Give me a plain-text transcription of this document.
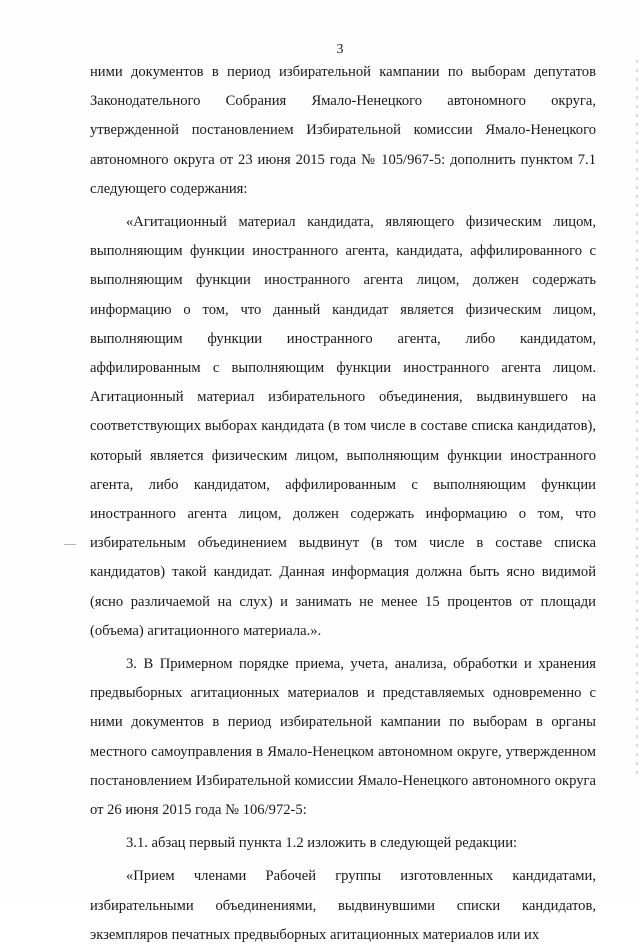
3

ними документов в период избирательной кампании по выборам депутатов Законодательного Собрания Ямало-Ненецкого автономного округа, утвержденной постановлением Избирательной комиссии Ямало-Ненецкого автономного округа от 23 июня 2015 года № 105/967-5: дополнить пунктом 7.1 следующего содержания:

«Агитационный материал кандидата, являющего физическим лицом, выполняющим функции иностранного агента, кандидата, аффилированного с выполняющим функции иностранного агента лицом, должен содержать информацию о том, что данный кандидат является физическим лицом, выполняющим функции иностранного агента, либо кандидатом, аффилированным с выполняющим функции иностранного агента лицом. Агитационный материал избирательного объединения, выдвинувшего на соответствующих выборах кандидата (в том числе в составе списка кандидатов), который является физическим лицом, выполняющим функции иностранного агента, либо кандидатом, аффилированным с выполняющим функции иностранного агента лицом, должен содержать информацию о том, что избирательным объединением выдвинут (в том числе в составе списка кандидатов) такой кандидат. Данная информация должна быть ясно видимой (ясно различаемой на слух) и занимать не менее 15 процентов от площади (объема) агитационного материала.».

3. В Примерном порядке приема, учета, анализа, обработки и хранения предвыборных агитационных материалов и представляемых одновременно с ними документов в период избирательной кампании по выборам в органы местного самоуправления в Ямало-Ненецком автономном округе, утвержденном постановлением Избирательной комиссии Ямало-Ненецкого автономного округа от 26 июня 2015 года № 106/972-5:

3.1. абзац первый пункта 1.2 изложить в следующей редакции:

«Прием членами Рабочей группы изготовленных кандидатами, избирательными объединениями, выдвинувшими списки кандидатов, экземпляров печатных предвыборных агитационных материалов или их
